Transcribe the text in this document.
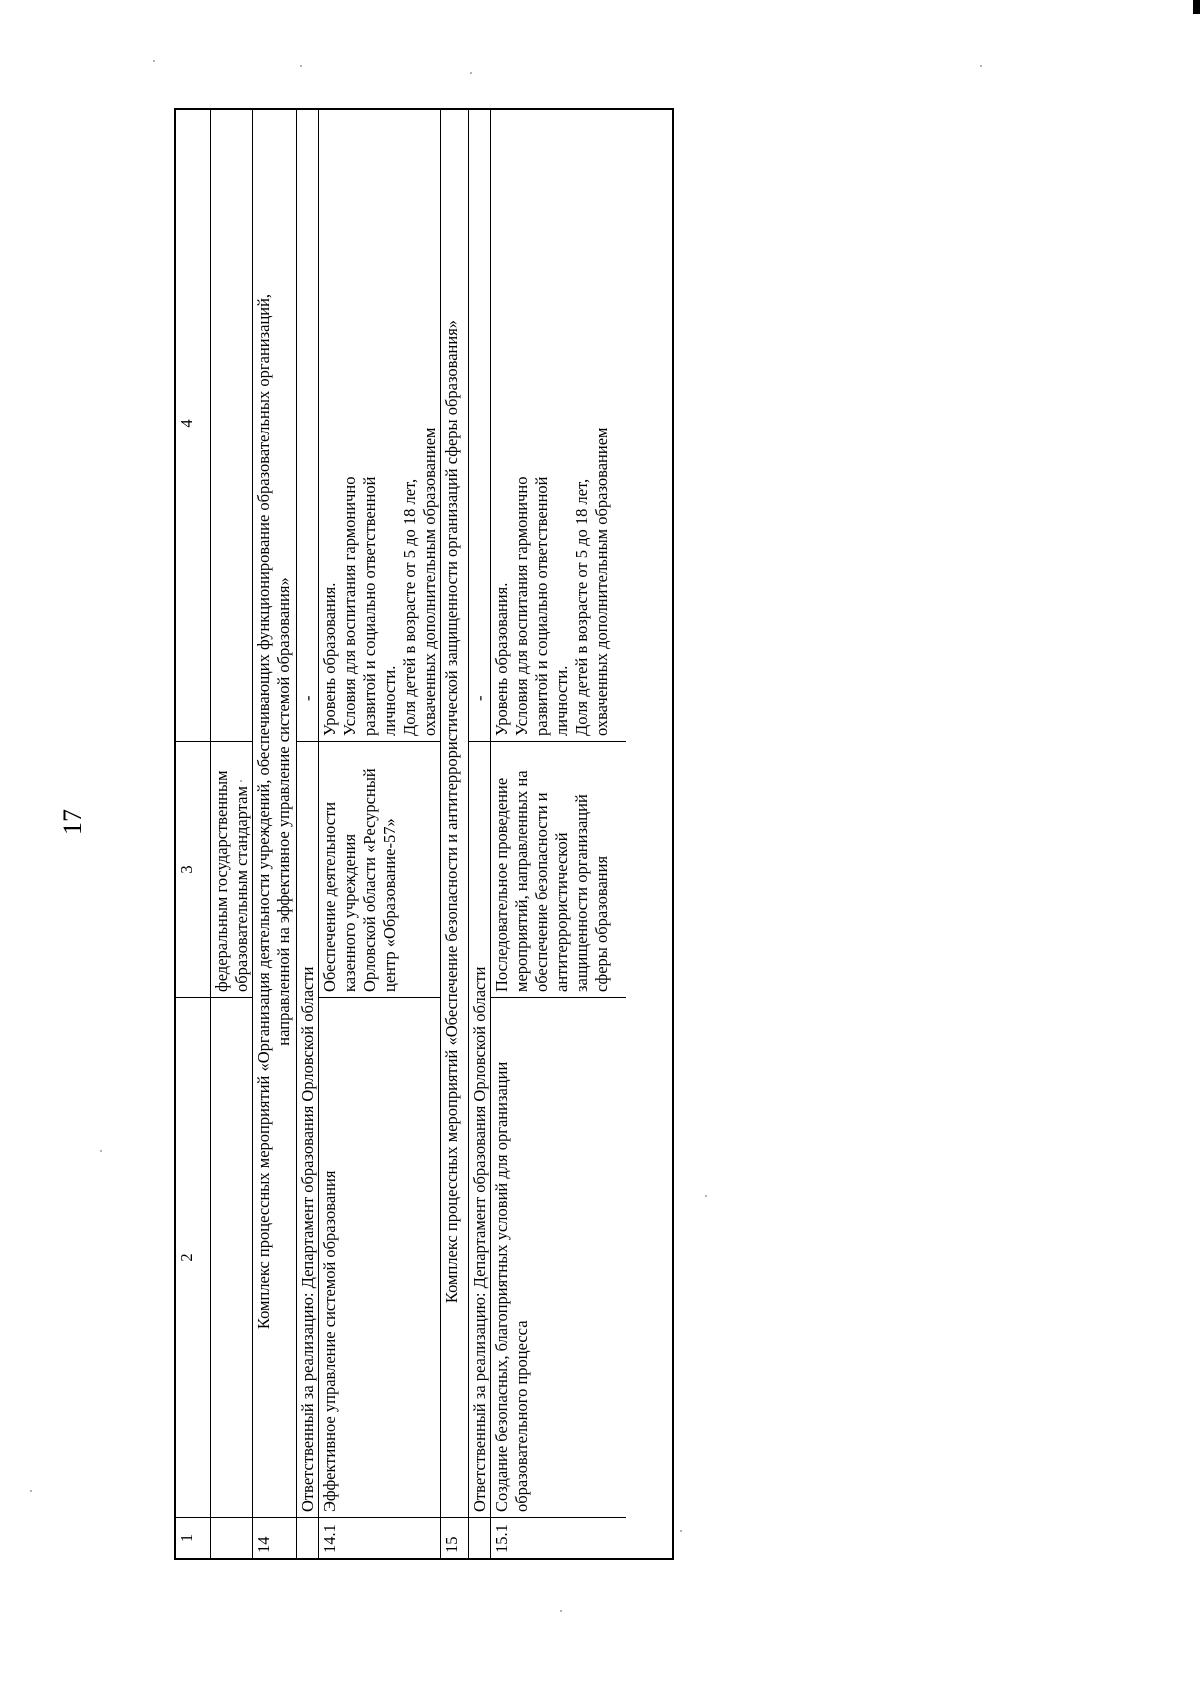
17
1
2
3
4
федеральным государственным
образовательным стандартам
14
Комплекс процессных мероприятий «Организация деятельности учреждений, обеспечивающих функционирование образовательных организаций,
направленной на эффективное управление системой образования»
Ответственный за реализацию: Департамент образования Орловской области
-
14.1
Эффективное управление системой образования
Обеспечение деятельности
казенного учреждения
Орловской области «Ресурсный
центр «Образование-57»
Уровень образования.
Условия для воспитания гармонично
развитой и социально ответственной
личности.
Доля детей в возрасте от 5 до 18 лет,
охваченных дополнительным образованием
15
Комплекс процессных мероприятий «Обеспечение безопасности и антитеррористической защищенности организаций сферы образования» Ответственный за реализацию: Департамент образования Орловской области
-
15.1
Создание безопасных, благоприятных условий для организации
образовательного процесса
Последовательное проведение
мероприятий, направленных на
обеспечение безопасности и
антитеррористической
защищенности организаций
сферы образования
Уровень образования.
Условия для воспитания гармонично
развитой и социально ответственной
личности.
Доля детей в возрасте от 5 до 18 лет,
охваченных дополнительным образованием
